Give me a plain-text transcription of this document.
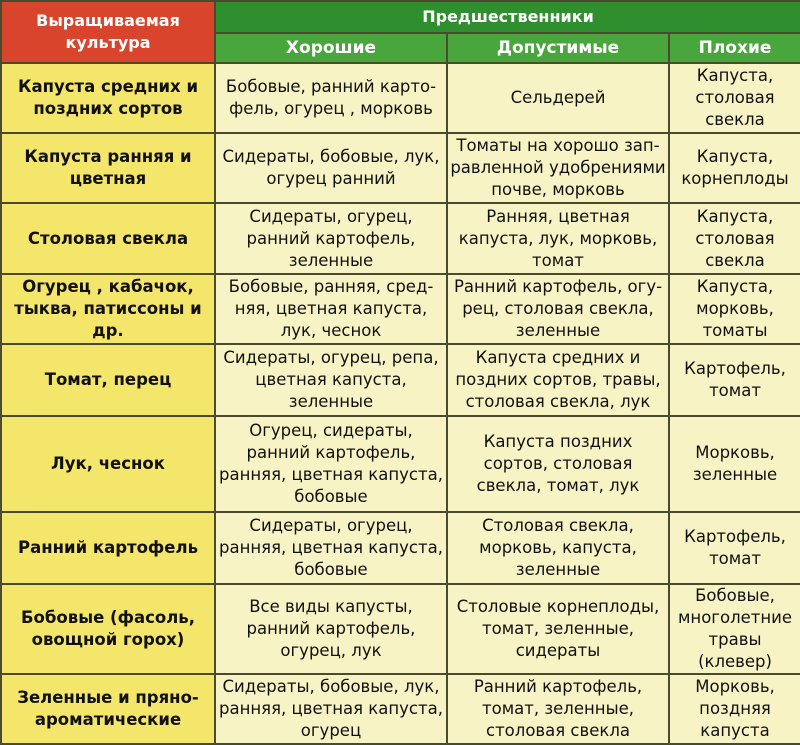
Выращиваемая культура	Предшественники		
	Хорошие	Допустимые	Плохие
Капуста средних и поздних сортов	Бобовые, ранний карто-фель, огурец , морковь	Сельдерей	Капуста, столовая свекла
Капуста ранняя и цветная	Сидераты, бобовые, лук, огурец ранний	Томаты на хорошо зап-равленной удобрениями почве, морковь	Капуста, корнеплоды
Столовая свекла	Сидераты, огурец, ранний картофель, зеленные	Ранняя, цветная капуста, лук, морковь, томат	Капуста, столовая свекла
Огурец , кабачок, тыква, патиссоны и др.	Бобовые, ранняя, сред-няя, цветная капуста, лук, чеснок	Ранний картофель, огу-рец, столовая свекла, зеленные	Капуста, морковь, томаты
Томат, перец	Сидераты, огурец, репа, цветная капуста, зеленные	Капуста средних и поздних сортов, травы, столовая свекла, лук	Картофель, томат
Лук, чеснок	Огурец, сидераты, ранний картофель, ранняя, цветная капуста, бобовые	Капуста поздних сортов, столовая свекла, томат, лук	Морковь, зеленные
Ранний картофель	Сидераты, огурец, ранняя, цветная капуста, бобовые	Столовая свекла, морковь, капуста, зеленные	Картофель, томат
Бобовые (фасоль, овощной горох)	Все виды капусты, ранний картофель, огурец, лук	Столовые корнеплоды, томат, зеленные, сидераты	Бобовые, многолетние травы (клевер)
Зеленные и пряно-ароматические	Сидераты, бобовые, лук, ранняя, цветная капуста, огурец	Ранний картофель, томат, зеленные, столовая свекла	Морковь, поздняя капуста
